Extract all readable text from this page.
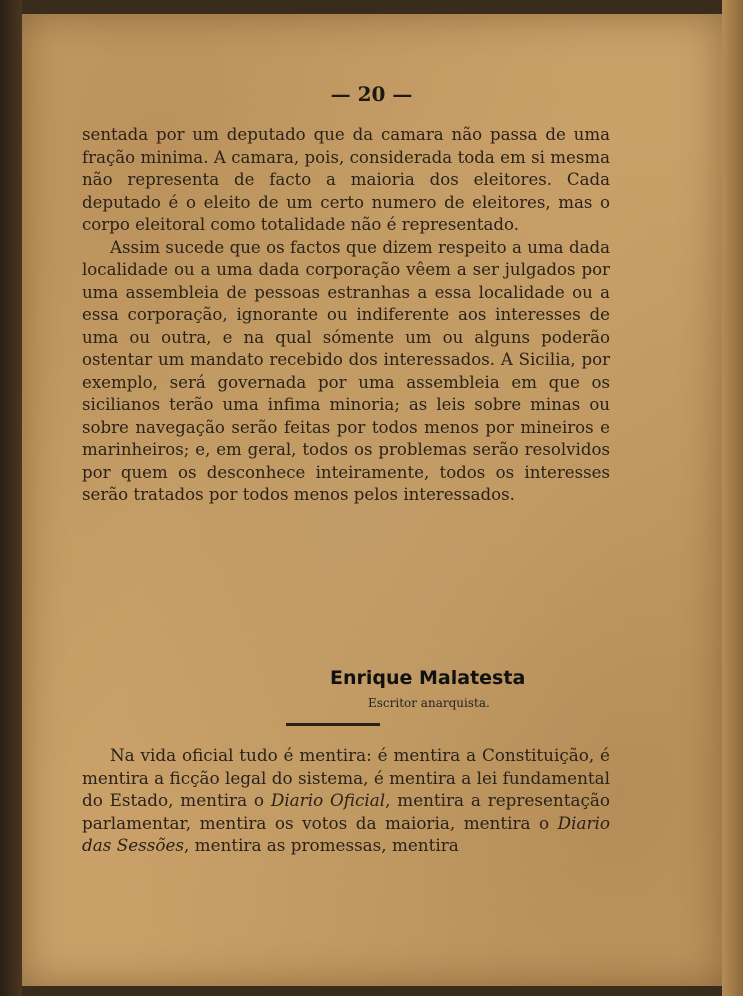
— 20 —

sentada por um deputado que da camara não passa de uma fração minima. A camara, pois, considerada toda em si mesma não representa de facto a maioria dos eleitores. Cada deputado é o eleito de um certo numero de eleitores, mas o corpo eleitoral como totalidade não é representado.

Assim sucede que os factos que dizem respeito a uma dada localidade ou a uma dada corporação vêem a ser julgados por uma assembleia de pessoas estranhas a essa localidade ou a essa corporação, ignorante ou indiferente aos interesses de uma ou outra, e na qual sómente um ou alguns poderão ostentar um mandato recebido dos interessados. A Sicilia, por exemplo, será governada por uma assembleia em que os sicilianos terão uma infima minoria; as leis sobre minas ou sobre navegação serão feitas por todos menos por mineiros e marinheiros; e, em geral, todos os problemas serão resolvidos por quem os desconhece inteiramente, todos os interesses serão tratados por todos menos pelos interessados.

Enrique Malatesta
Escritor anarquista.

Na vida oficial tudo é mentira: é mentira a Constituição, é mentira a ficção legal do sistema, é mentira a lei fundamental do Estado, mentira o Diario Oficial, mentira a representação parlamentar, mentira os votos da maioria, mentira o Diario das Sessões, mentira as promessas, mentira
